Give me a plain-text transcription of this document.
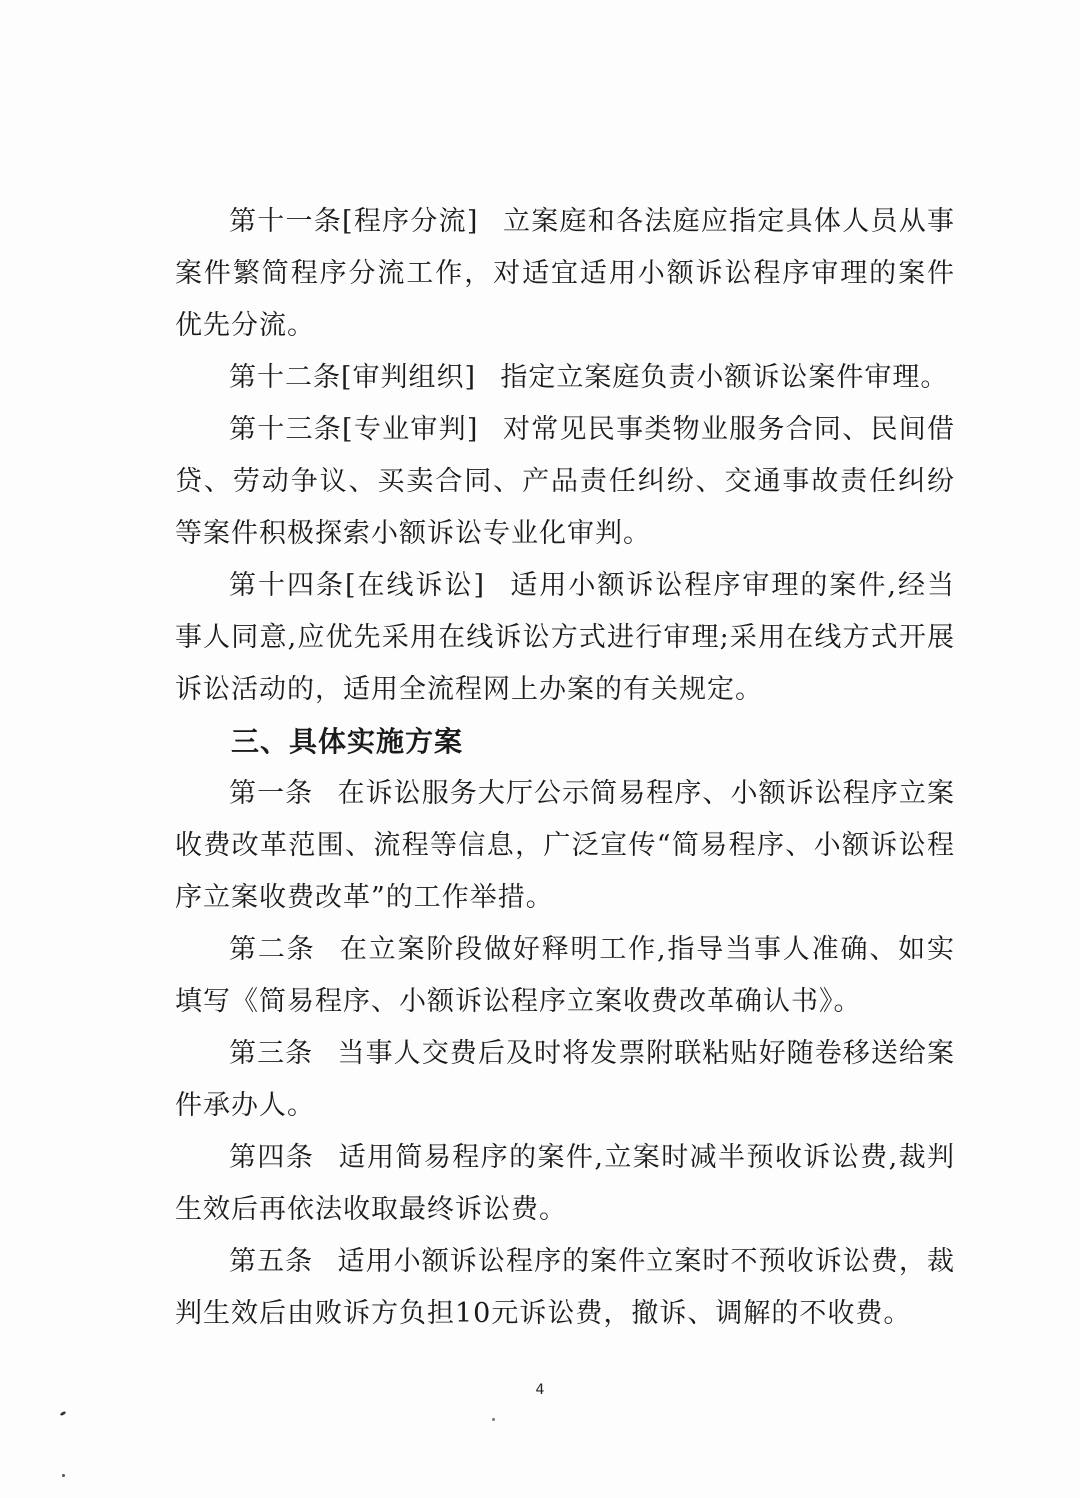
第十一条[程序分流] 立案庭和各法庭应指定具体人员从事案件繁简程序分流工作，对适宜适用小额诉讼程序审理的案件优先分流。

第十二条[审判组织] 指定立案庭负责小额诉讼案件审理。

第十三条[专业审判] 对常见民事类物业服务合同、民间借贷、劳动争议、买卖合同、产品责任纠纷、交通事故责任纠纷等案件积极探索小额诉讼专业化审判。

第十四条[在线诉讼] 适用小额诉讼程序审理的案件,经当事人同意,应优先采用在线诉讼方式进行审理;采用在线方式开展诉讼活动的，适用全流程网上办案的有关规定。

三、具体实施方案

第一条 在诉讼服务大厅公示简易程序、小额诉讼程序立案收费改革范围、流程等信息，广泛宣传“简易程序、小额诉讼程序立案收费改革”的工作举措。

第二条 在立案阶段做好释明工作,指导当事人准确、如实填写《简易程序、小额诉讼程序立案收费改革确认书》。

第三条 当事人交费后及时将发票附联粘贴好随卷移送给案件承办人。

第四条 适用简易程序的案件,立案时减半预收诉讼费,裁判生效后再依法收取最终诉讼费。

第五条 适用小额诉讼程序的案件立案时不预收诉讼费，裁判生效后由败诉方负担10元诉讼费，撤诉、调解的不收费。

4
